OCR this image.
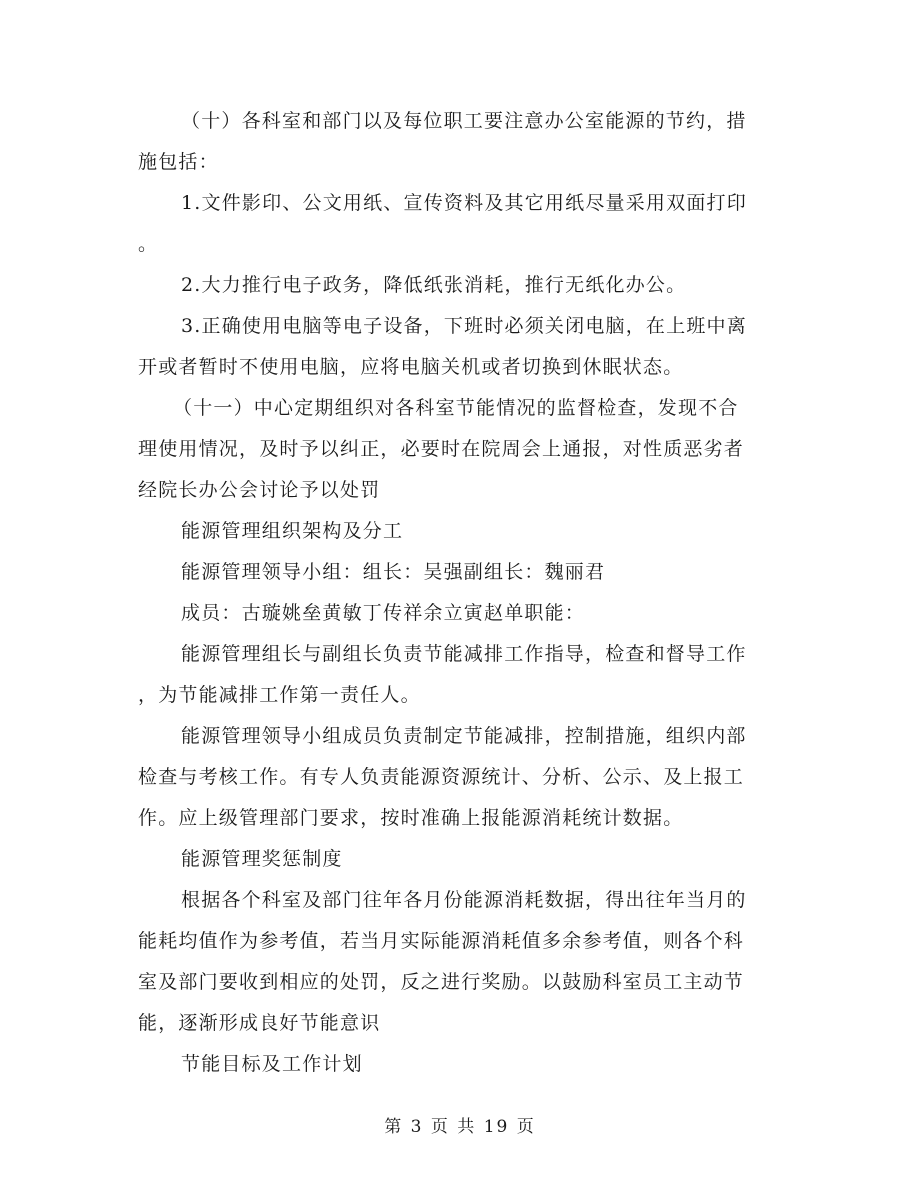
（十）各科室和部门以及每位职工要注意办公室能源的节约，措
施包括：
1.文件影印、公文用纸、宣传资料及其它用纸尽量采用双面打印
。
2.大力推行电子政务，降低纸张消耗，推行无纸化办公。
3.正确使用电脑等电子设备，下班时必须关闭电脑，在上班中离
开或者暂时不使用电脑，应将电脑关机或者切换到休眠状态。
（十一）中心定期组织对各科室节能情况的监督检查，发现不合
理使用情况，及时予以纠正，必要时在院周会上通报，对性质恶劣者
经院长办公会讨论予以处罚
能源管理组织架构及分工
能源管理领导小组：组长：吴强副组长：魏丽君
成员：古璇姚垒黄敏丁传祥余立寅赵单职能：
能源管理组长与副组长负责节能减排工作指导，检查和督导工作
，为节能减排工作第一责任人。
能源管理领导小组成员负责制定节能减排，控制措施，组织内部
检查与考核工作。有专人负责能源资源统计、分析、公示、及上报工
作。应上级管理部门要求，按时准确上报能源消耗统计数据。
能源管理奖惩制度
根据各个科室及部门往年各月份能源消耗数据，得出往年当月的
能耗均值作为参考值，若当月实际能源消耗值多余参考值，则各个科
室及部门要收到相应的处罚，反之进行奖励。以鼓励科室员工主动节
能，逐渐形成良好节能意识
节能目标及工作计划
第 3 页 共 19 页
